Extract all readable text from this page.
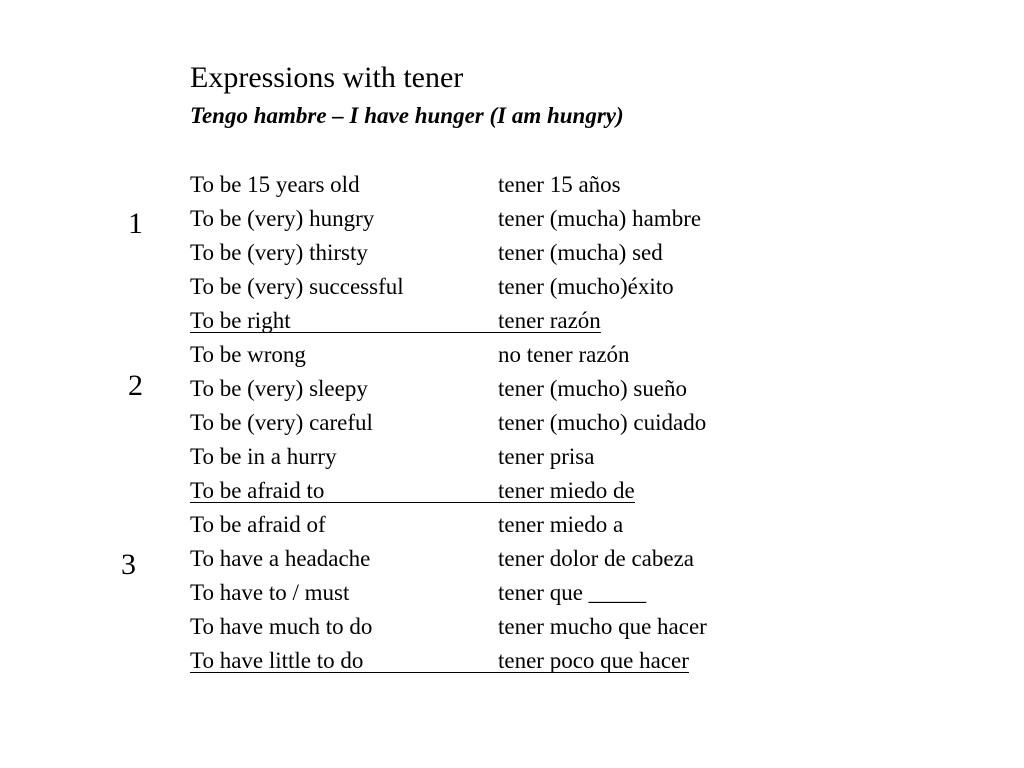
Expressions with tener
Tengo hambre – I have hunger (I am hungry)
1
2
3
To be 15 years old	tener 15 años
To be (very) hungry	tener (mucha) hambre
To be (very) thirsty	tener (mucha) sed
To be (very) successful	tener (mucho)éxito
To be right	tener razón
To be wrong	no tener razón
To be (very) sleepy	tener (mucho) sueño
To be (very) careful	tener (mucho) cuidado
To be in a hurry	tener prisa
To be afraid to	tener miedo de
To be afraid of	tener miedo a
To have a headache	tener dolor de cabeza
To have to / must	tener que _____
To have much to do	tener mucho que hacer
To have little to do	tener poco que hacer
